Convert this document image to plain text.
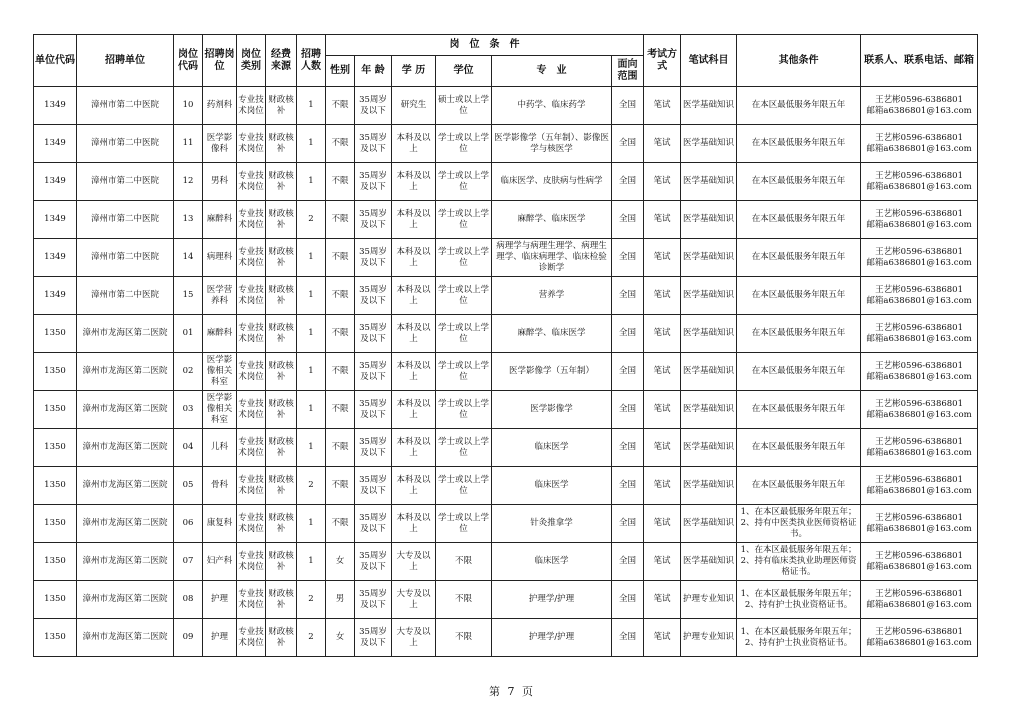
单位代码	招聘单位	岗位代码	招聘岗位	岗位类别	经费来源	招聘人数	岗　位　条　件						考试方式	笔试科目	其他条件	联系人、联系电话、邮箱
							性别	年 龄	学 历	学位	专　业	面向范围				
1349	漳州市第二中医院	10	药剂科	专业技术岗位	财政核补	1	不限	35周岁及以下	研究生	硕士或以上学位	中药学、临床药学	全国	笔试	医学基础知识	在本区最低服务年限五年	王艺彬0596-6386801
邮箱a6386801@163.com

1349	漳州市第二中医院	11	医学影像科	专业技术岗位	财政核补	1	不限	35周岁及以下	本科及以上	学士或以上学位	医学影像学（五年制）、影像医学与核医学	全国	笔试	医学基础知识	在本区最低服务年限五年	王艺彬0596-6386801
邮箱a6386801@163.com

1349	漳州市第二中医院	12	男科	专业技术岗位	财政核补	1	不限	35周岁及以下	本科及以上	学士或以上学位	临床医学、皮肤病与性病学	全国	笔试	医学基础知识	在本区最低服务年限五年	王艺彬0596-6386801
邮箱a6386801@163.com

1349	漳州市第二中医院	13	麻醉科	专业技术岗位	财政核补	2	不限	35周岁及以下	本科及以上	学士或以上学位	麻醉学、临床医学	全国	笔试	医学基础知识	在本区最低服务年限五年	王艺彬0596-6386801
邮箱a6386801@163.com

1349	漳州市第二中医院	14	病理科	专业技术岗位	财政核补	1	不限	35周岁及以下	本科及以上	学士或以上学位	病理学与病理生理学、病理生理学、临床病理学、临床检验诊断学	全国	笔试	医学基础知识	在本区最低服务年限五年	王艺彬0596-6386801
邮箱a6386801@163.com

1349	漳州市第二中医院	15	医学营养科	专业技术岗位	财政核补	1	不限	35周岁及以下	本科及以上	学士或以上学位	营养学	全国	笔试	医学基础知识	在本区最低服务年限五年	王艺彬0596-6386801
邮箱a6386801@163.com

1350	漳州市龙海区第二医院	01	麻醉科	专业技术岗位	财政核补	1	不限	35周岁及以下	本科及以上	学士或以上学位	麻醉学、临床医学	全国	笔试	医学基础知识	在本区最低服务年限五年	王艺彬0596-6386801
邮箱a6386801@163.com

1350	漳州市龙海区第二医院	02	医学影像相关科室	专业技术岗位	财政核补	1	不限	35周岁及以下	本科及以上	学士或以上学位	医学影像学（五年制）	全国	笔试	医学基础知识	在本区最低服务年限五年	王艺彬0596-6386801
邮箱a6386801@163.com

1350	漳州市龙海区第二医院	03	医学影像相关科室	专业技术岗位	财政核补	1	不限	35周岁及以下	本科及以上	学士或以上学位	医学影像学	全国	笔试	医学基础知识	在本区最低服务年限五年	王艺彬0596-6386801
邮箱a6386801@163.com

1350	漳州市龙海区第二医院	04	儿科	专业技术岗位	财政核补	1	不限	35周岁及以下	本科及以上	学士或以上学位	临床医学	全国	笔试	医学基础知识	在本区最低服务年限五年	王艺彬0596-6386801
邮箱a6386801@163.com

1350	漳州市龙海区第二医院	05	骨科	专业技术岗位	财政核补	2	不限	35周岁及以下	本科及以上	学士或以上学位	临床医学	全国	笔试	医学基础知识	在本区最低服务年限五年	王艺彬0596-6386801
邮箱a6386801@163.com

1350	漳州市龙海区第二医院	06	康复科	专业技术岗位	财政核补	1	不限	35周岁及以下	本科及以上	学士或以上学位	针灸推拿学	全国	笔试	医学基础知识	1、在本区最低服务年限五年；2、持有中医类执业医师资格证书。	王艺彬0596-6386801
邮箱a6386801@163.com

1350	漳州市龙海区第二医院	07	妇产科	专业技术岗位	财政核补	1	女	35周岁及以下	大专及以上	不限	临床医学	全国	笔试	医学基础知识	1、在本区最低服务年限五年；2、持有临床类执业助理医师资格证书。	王艺彬0596-6386801
邮箱a6386801@163.com

1350	漳州市龙海区第二医院	08	护理	专业技术岗位	财政核补	2	男	35周岁及以下	大专及以上	不限	护理学/护理	全国	笔试	护理专业知识	1、在本区最低服务年限五年；2、持有护士执业资格证书。	王艺彬0596-6386801
邮箱a6386801@163.com

1350	漳州市龙海区第二医院	09	护理	专业技术岗位	财政核补	2	女	35周岁及以下	大专及以上	不限	护理学/护理	全国	笔试	护理专业知识	1、在本区最低服务年限五年；2、持有护士执业资格证书。	王艺彬0596-6386801
邮箱a6386801@163.com
第 7 页
